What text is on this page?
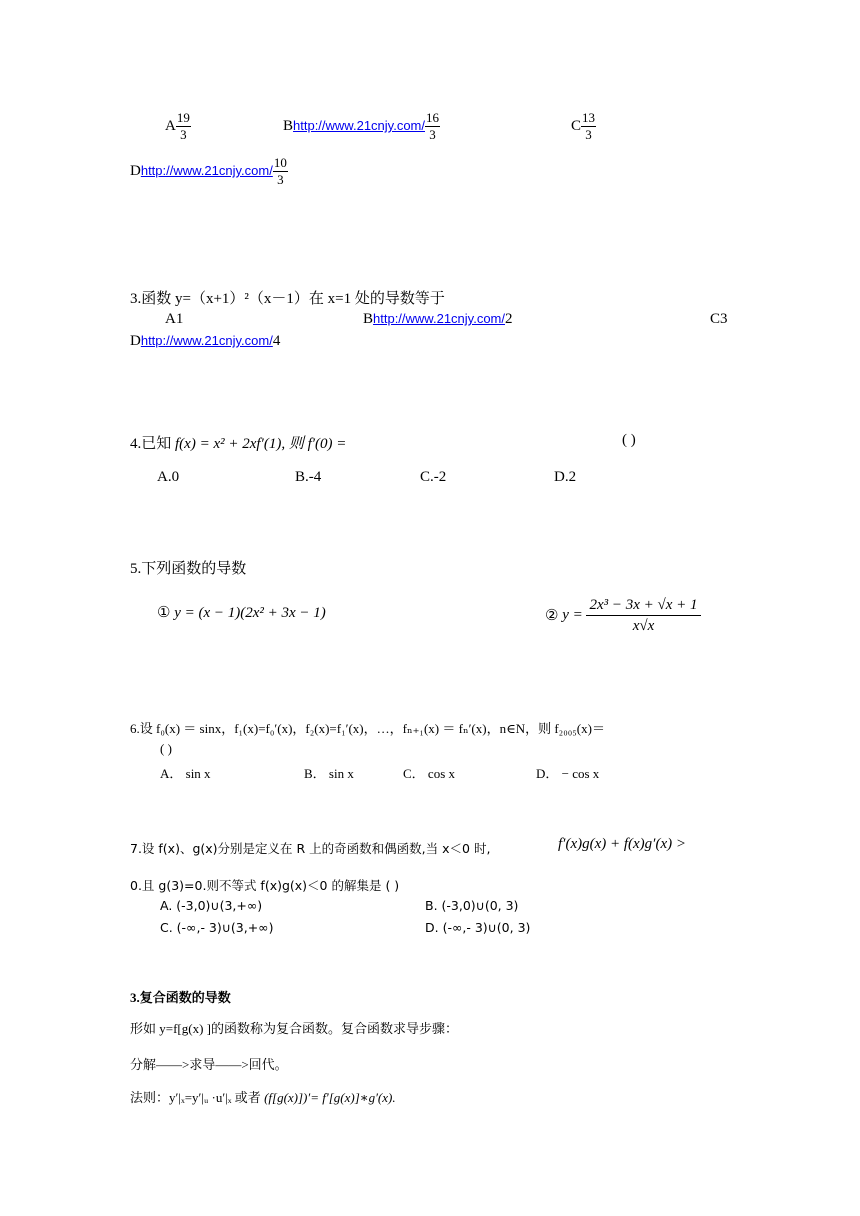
A $\frac{19}{3}$	Bhttp://www.21cnjy.com/ $\frac{16}{3}$	C $\frac{13}{3}$
Dhttp://www.21cnjy.com/ $\frac{10}{3}$
3.函数 y=（x+1）²（x－1）在 x=1 处的导数等于
A1	Bhttp://www.21cnjy.com/2	C3
Dhttp://www.21cnjy.com/4
4.已知 f(x) = x² + 2xf′(1), 则 f′(0) =	( )
A.0	B.-4	C.-2	D.2
5.下列函数的导数
① y = (x − 1)(2x² + 3x − 1)	② $y = \frac{\text{2x³ − 3x + √x + 1}}{x√x}$
6.设 f₀(x) ＝ sinx，f₁(x)=f₀′(x)，f₂(x)=f₁′(x)，…，fₙ₊₁(x) ＝ fₙ′(x)，n∈N，则 f₂₀₀₅(x)＝
( )
A． sin x	B． sin x	C． cos x	D． − cos x
7.设 f(x)、g(x)分别是定义在 R 上的奇函数和偶函数,当 x＜0 时,	f′(x)g(x) + f(x)g′(x) >
0.且 g(3)=0.则不等式 f(x)g(x)＜0 的解集是 ( )
A. (-3,0)∪(3,+∞)	B. (-3,0)∪(0, 3)
C. (-∞,- 3)∪(3,+∞)	D. (-∞,- 3)∪(0, 3)
3.复合函数的导数
形如 y=f[g(x) ]的函数称为复合函数。复合函数求导步骤：
分解——>求导——>回代。
法则：y′|ₓ=y′|ᵤ ·u′|ₓ 或者 (f[g(x)])′= f′[g(x)]∗g′(x).
